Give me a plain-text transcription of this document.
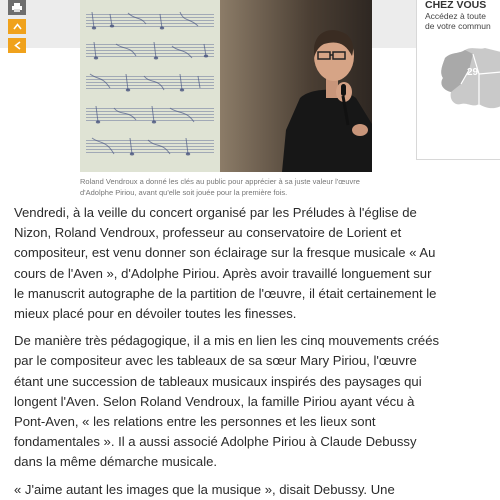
Roland Vendroux a donné les clés au public pour apprécier à sa juste valeur l'œuvre d'Adolphe Piriou, avant qu'elle soit jouée pour la première fois.
CHEZ VOUS
Accédez à toute
de votre commun
29

Vendredi, à la veille du concert organisé par les Préludes à l'église de Nizon, Roland Vendroux, professeur au conservatoire de Lorient et compositeur, est venu donner son éclairage sur la fresque musicale « Au cours de l'Aven », d'Adolphe Piriou. Après avoir travaillé longuement sur le manuscrit autographe de la partition de l'œuvre, il était certainement le mieux placé pour en dévoiler toutes les finesses.

De manière très pédagogique, il a mis en lien les cinq mouvements créés par le compositeur avec les tableaux de sa sœur Mary Piriou, l'œuvre étant une succession de tableaux musicaux inspirés des paysages qui longent l'Aven. Selon Roland Vendroux, la famille Piriou ayant vécu à Pont-Aven, « les relations entre les personnes et les lieux sont fondamentales ». Il a aussi associé Adolphe Piriou à Claude Debussy dans la même démarche musicale.

« J'aime autant les images que la musique », disait Debussy. Une
